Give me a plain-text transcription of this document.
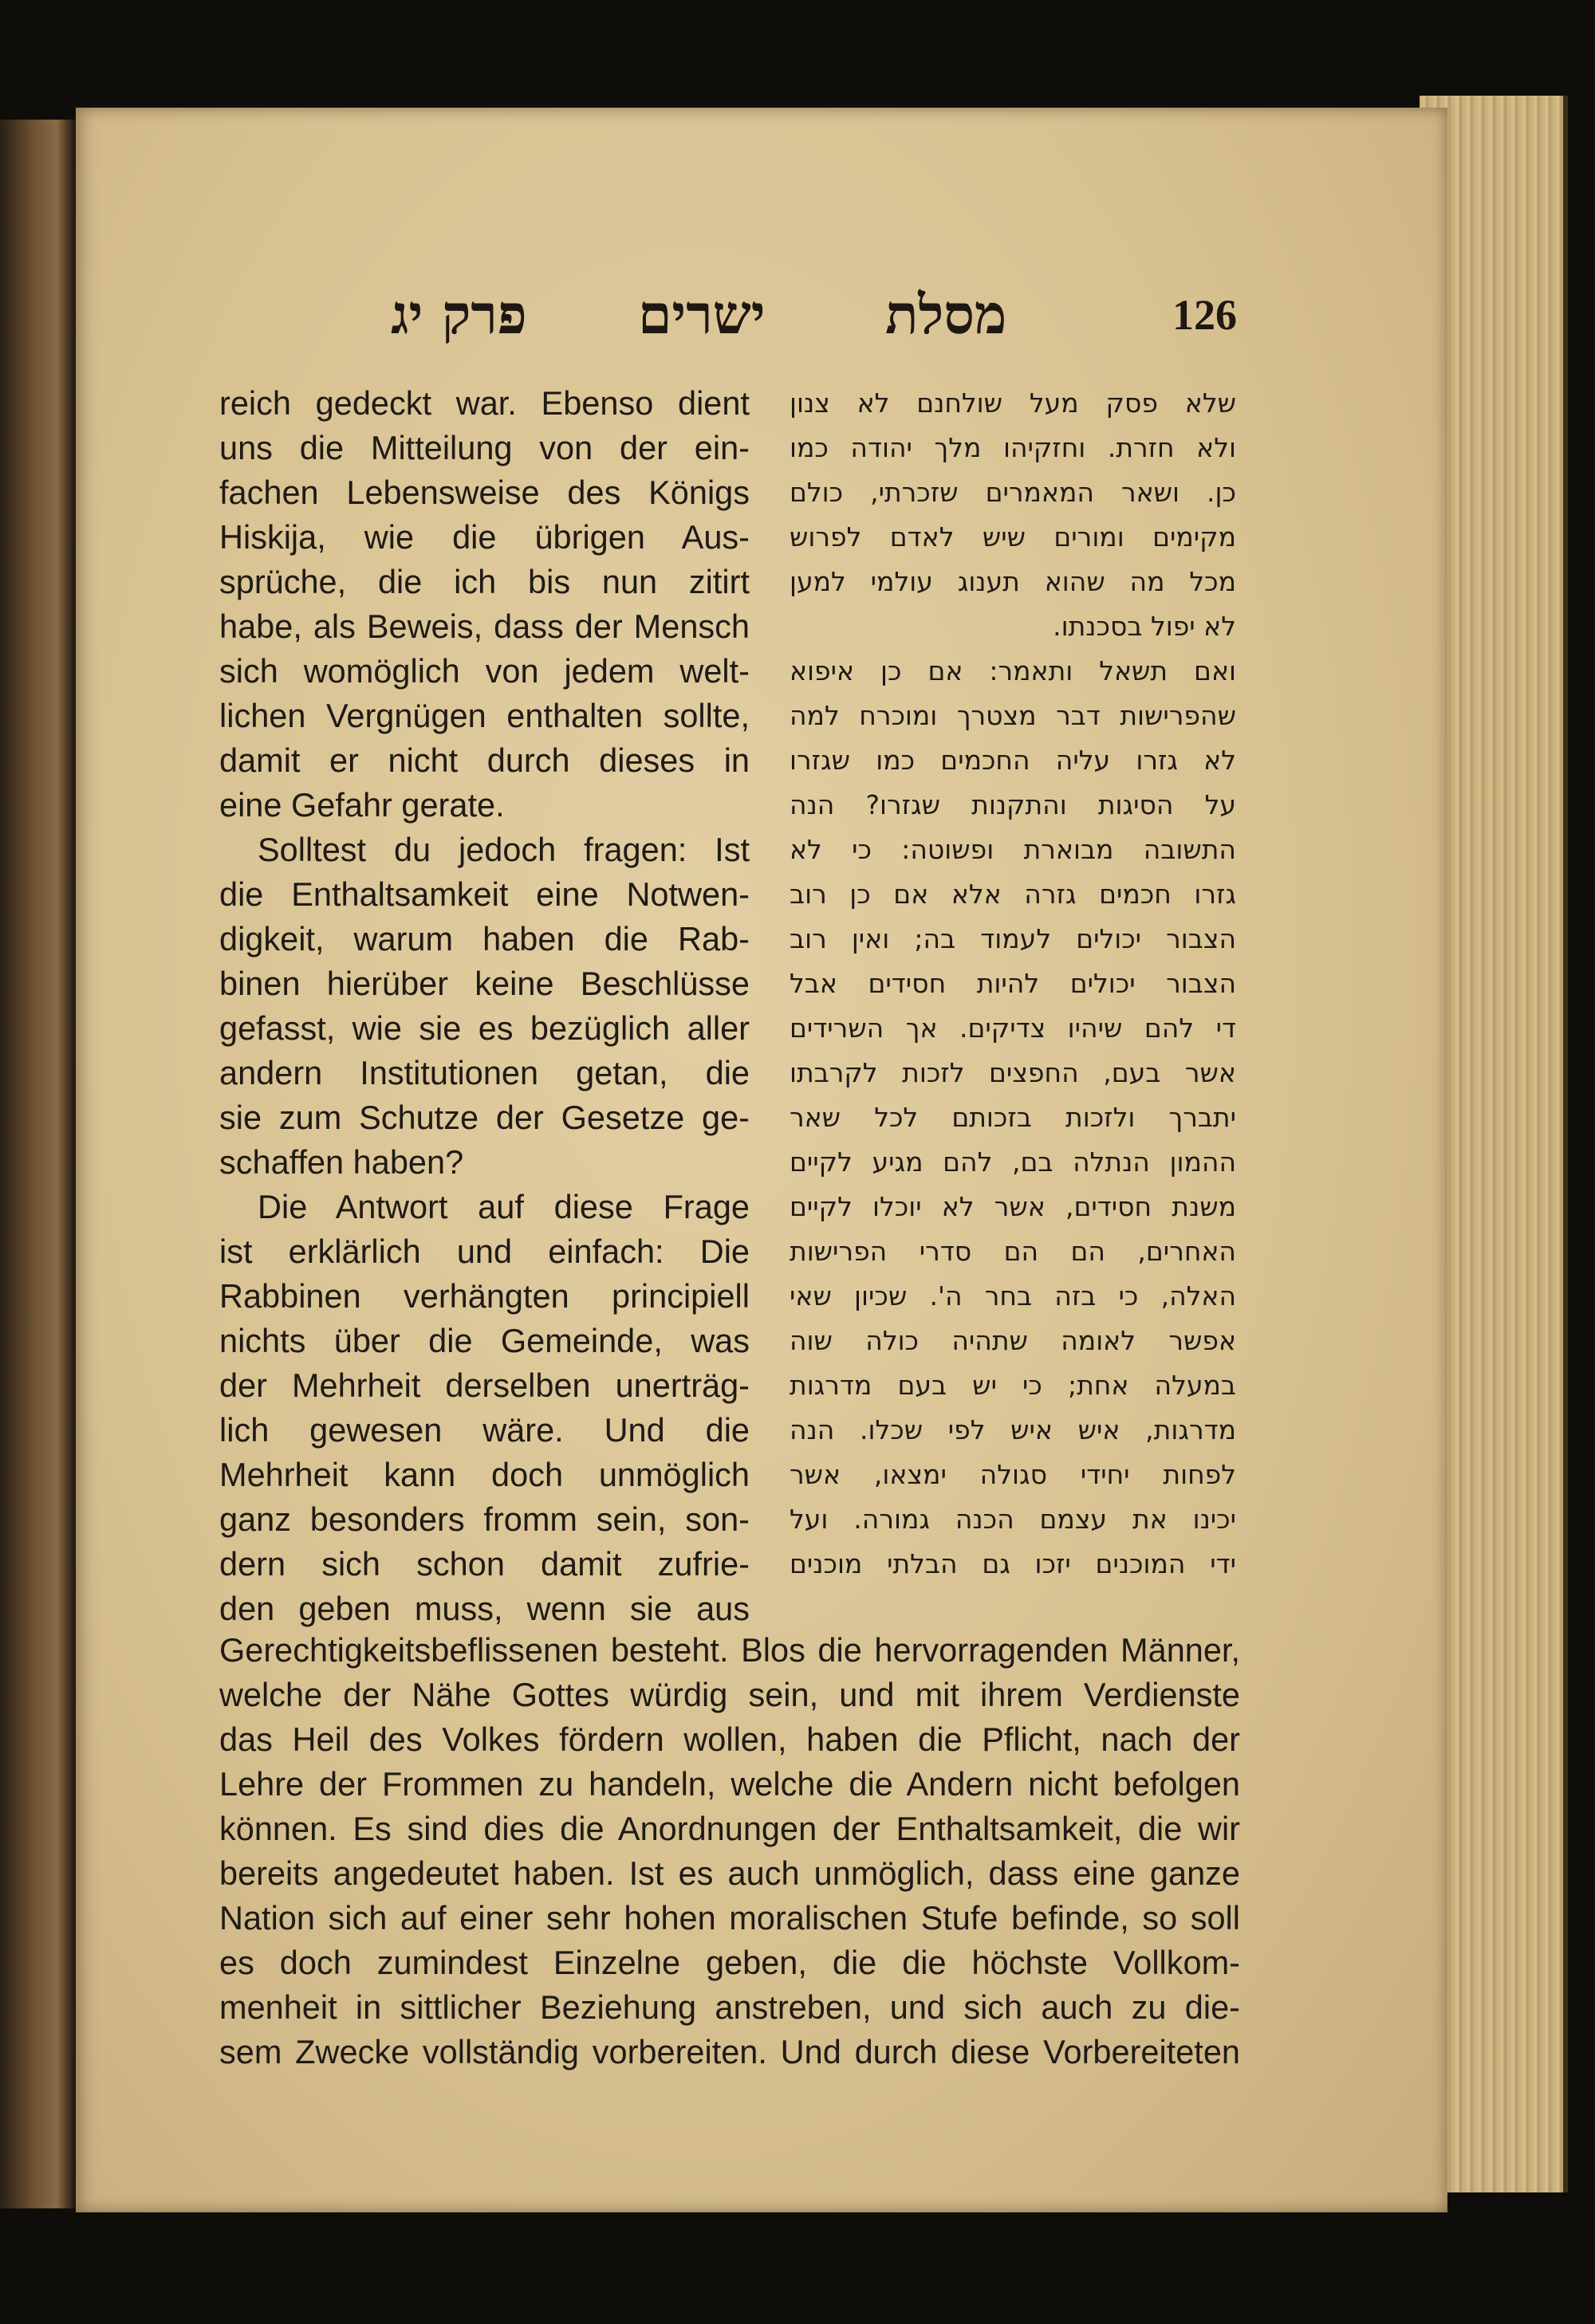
פרק יג ישרים מסלת	126
reich gedeckt war. Ebenso dient
uns die Mitteilung von der ein-
fachen Lebensweise des Königs
Hiskija, wie die übrigen Aus-
sprüche, die ich bis nun zitirt
habe, als Beweis, dass der Mensch
sich womöglich von jedem welt-
lichen Vergnügen enthalten sollte,
damit er nicht durch dieses in
eine Gefahr gerate.
Solltest du jedoch fragen: Ist
die Enthaltsamkeit eine Notwen-
digkeit, warum haben die Rab-
binen hierüber keine Beschlüsse
gefasst, wie sie es bezüglich aller
andern Institutionen getan, die
sie zum Schutze der Gesetze ge-
schaffen haben?
Die Antwort auf diese Frage
ist erklärlich und einfach: Die
Rabbinen verhängten principiell
nichts über die Gemeinde, was
der Mehrheit derselben unerträg-
lich gewesen wäre. Und die
Mehrheit kann doch unmöglich
ganz besonders fromm sein, son-
dern sich schon damit zufrie-
den geben muss, wenn sie aus
שלא פסק מעל שולחנם לא צנון
ולא חזרת. וחזקיהו מלך יהודה כמו
כן. ושאר המאמרים שזכרתי, כולם
מקימים ומורים שיש לאדם לפרוש
מכל מה שהוא תענוג עולמי למען
לא יפול בסכנתו.
ואם תשאל ותאמר: אם כן איפוא
שהפרישות דבר מצטרך ומוכרח למה
לא גזרו עליה החכמים כמו שגזרו
על הסיגות והתקנות שגזרו? הנה
התשובה מבוארת ופשוטה: כי לא
גזרו חכמים גזרה אלא אם כן רוב
הצבור יכולים לעמוד בה; ואין רוב
הצבור יכולים להיות חסידים אבל
די להם שיהיו צדיקים. אך השרידים
אשר בעם, החפצים לזכות לקרבתו
יתברך ולזכות בזכותם לכל שאר
ההמון הנתלה בם, להם מגיע לקיים
משנת חסידים, אשר לא יוכלו לקיים
האחרים, הם הם סדרי הפרישות
האלה, כי בזה בחר ה'. שכיון שאי
אפשר לאומה שתהיה כולה שוה
במעלה אחת; כי יש בעם מדרגות
מדרגות, איש איש לפי שכלו. הנה
לפחות יחידי סגולה ימצאו, אשר
יכינו את עצמם הכנה גמורה. ועל
ידי המוכנים יזכו גם הבלתי מוכנים
Gerechtigkeitsbeflissenen besteht. Blos die hervorragenden Männer,
welche der Nähe Gottes würdig sein, und mit ihrem Verdienste
das Heil des Volkes fördern wollen, haben die Pflicht, nach der
Lehre der Frommen zu handeln, welche die Andern nicht befolgen
können. Es sind dies die Anordnungen der Enthaltsamkeit, die wir
bereits angedeutet haben. Ist es auch unmöglich, dass eine ganze
Nation sich auf einer sehr hohen moralischen Stufe befinde, so soll
es doch zumindest Einzelne geben, die die höchste Vollkom-
menheit in sittlicher Beziehung anstreben, und sich auch zu die-
sem Zwecke vollständig vorbereiten. Und durch diese Vorbereiteten
